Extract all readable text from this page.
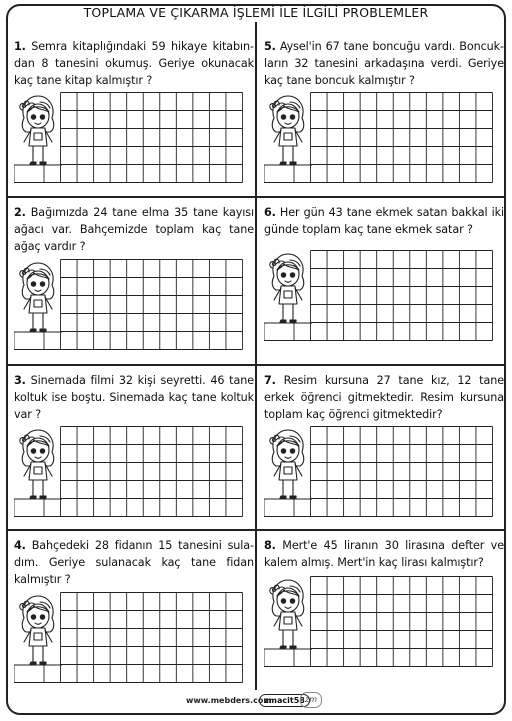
TOPLAMA VE ÇIKARMA İŞLEMİ İLE İLGİLİ PROBLEMLER

1. Semra kitaplığındaki 59 hikaye kitabın-dan 8 tanesini okumuş. Geriye okunacak kaç tane kitap kalmıştır ?

2. Bağımızda 24 tane elma 35 tane kayısı ağacı var. Bahçemizde toplam kaç tane ağaç vardır ?

3. Sinemada filmi 32 kişi seyretti. 46 tane koltuk ise boştu. Sinemada kaç tane koltuk var ?

4. Bahçedeki 28 fidanın 15 tanesini sula-dım. Geriye sulanacak kaç tane fidan kalmıştır ?

5. Aysel'in 67 tane boncuğu vardı. Boncuk-ların 32 tanesini arkadaşına verdi. Geriye kaç tane boncuk kalmıştır ?

6. Her gün 43 tane ekmek satan bakkal iki günde toplam kaç tane ekmek satar ?

7. Resim kursuna 27 tane kız, 12 tane erkek öğrenci gitmektedir. Resim kursuna toplam kaç öğrenci gitmektedir?

8. Mert'e 45 liranın 30 lirasına defter ve kalem almış. Mert'in kaç lirası kalmıştır?

www.mebders.com
zmacit58 zm
